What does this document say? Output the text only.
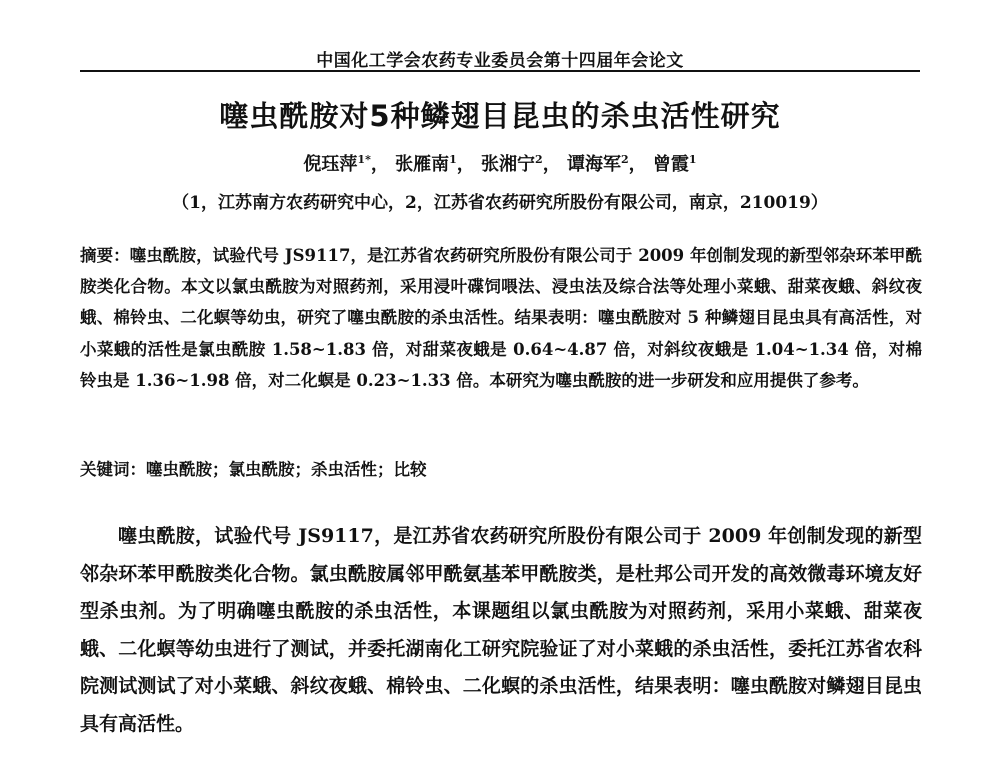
中国化工学会农药专业委员会第十四届年会论文
噻虫酰胺对5种鳞翅目昆虫的杀虫活性研究
倪珏萍$^{1*}$， 张雁南$^1$， 张湘宁$^2$， 谭海军$^2$， 曾霞$^1$
（1，江苏南方农药研究中心，2，江苏省农药研究所股份有限公司，南京，210019）
摘要：噻虫酰胺，试验代号 JS9117，是江苏省农药研究所股份有限公司于 2009 年创制发现的新型邻杂环苯甲酰胺类化合物。本文以氯虫酰胺为对照药剂，采用浸叶碟饲喂法、浸虫法及综合法等处理小菜蛾、甜菜夜蛾、斜纹夜蛾、棉铃虫、二化螟等幼虫，研究了噻虫酰胺的杀虫活性。结果表明：噻虫酰胺对 5 种鳞翅目昆虫具有高活性，对小菜蛾的活性是氯虫酰胺 1.58~1.83 倍，对甜菜夜蛾是 0.64~4.87 倍，对斜纹夜蛾是 1.04~1.34 倍，对棉铃虫是 1.36~1.98 倍，对二化螟是 0.23~1.33 倍。本研究为噻虫酰胺的进一步研发和应用提供了参考。
关键词：噻虫酰胺；氯虫酰胺；杀虫活性；比较
噻虫酰胺，试验代号 JS9117，是江苏省农药研究所股份有限公司于 2009 年创制发现的新型邻杂环苯甲酰胺类化合物。氯虫酰胺属邻甲酰氨基苯甲酰胺类，是杜邦公司开发的高效微毒环境友好型杀虫剂。为了明确噻虫酰胺的杀虫活性，本课题组以氯虫酰胺为对照药剂，采用小菜蛾、甜菜夜蛾、二化螟等幼虫进行了测试，并委托湖南化工研究院验证了对小菜蛾的杀虫活性，委托江苏省农科院测试测试了对小菜蛾、斜纹夜蛾、棉铃虫、二化螟的杀虫活性，结果表明：噻虫酰胺对鳞翅目昆虫具有高活性。
